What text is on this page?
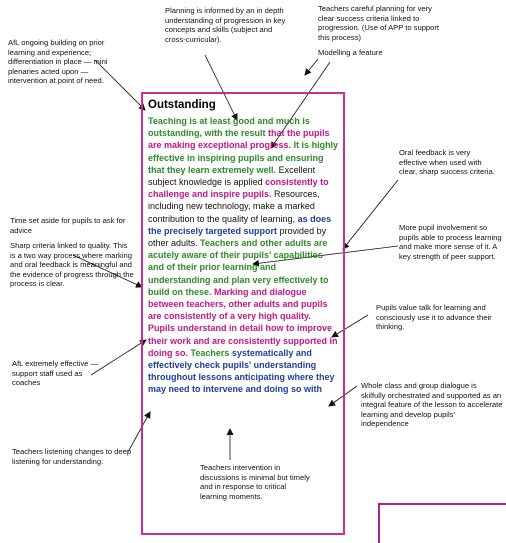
AfL ongoing building on prior learning and experience; differentiation in place — mini plenaries acted upon — intervention at point of need.

Planning is informed by an in depth understanding of progression in key concepts and skills (subject and cross-curricular).

Teachers careful planning for very clear success criteria linked to progression. (Use of APP to support this process)

Modelling a feature

Oral feedback is very effective when used with clear, sharp success criteria.

Time set aside for pupils to ask for advice

Sharp criteria linked to quality. This is a two way process where marking and oral feedback is meaningful and the evidence of progress through the process is clear.

More pupil involvement so pupils able to process learning and make more sense of it. A key strength of peer support.

Pupils value talk for learning and consciously use it to advance their thinking.

AfL extremely effective — support staff used as coaches	Whole class and group dialogue is skilfully orchestrated and supported as an integral feature of the lesson to accelerate learning and develop pupils' independence

Teachers listening changes to deep listening for understanding.

Teachers intervention in discussions is minimal but timely and in response to critical learning moments.

Outstanding
Teaching is at least good and much is outstanding, with the result that the pupils are making exceptional progress. It is highly effective in inspiring pupils and ensuring that they learn extremely well. Excellent subject knowledge is applied consistently to challenge and inspire pupils. Resources, including new technology, make a marked contribution to the quality of learning, as does the precisely targeted support provided by other adults. Teachers and other adults are acutely aware of their pupils' capabilities and of their prior learning and understanding and plan very effectively to build on these. Marking and dialogue between teachers, other adults and pupils are consistently of a very high quality. Pupils understand in detail how to improve their work and are consistently supported in doing so. Teachers systematically and effectively check pupils' understanding throughout lessons anticipating where they may need to intervene and doing so with
